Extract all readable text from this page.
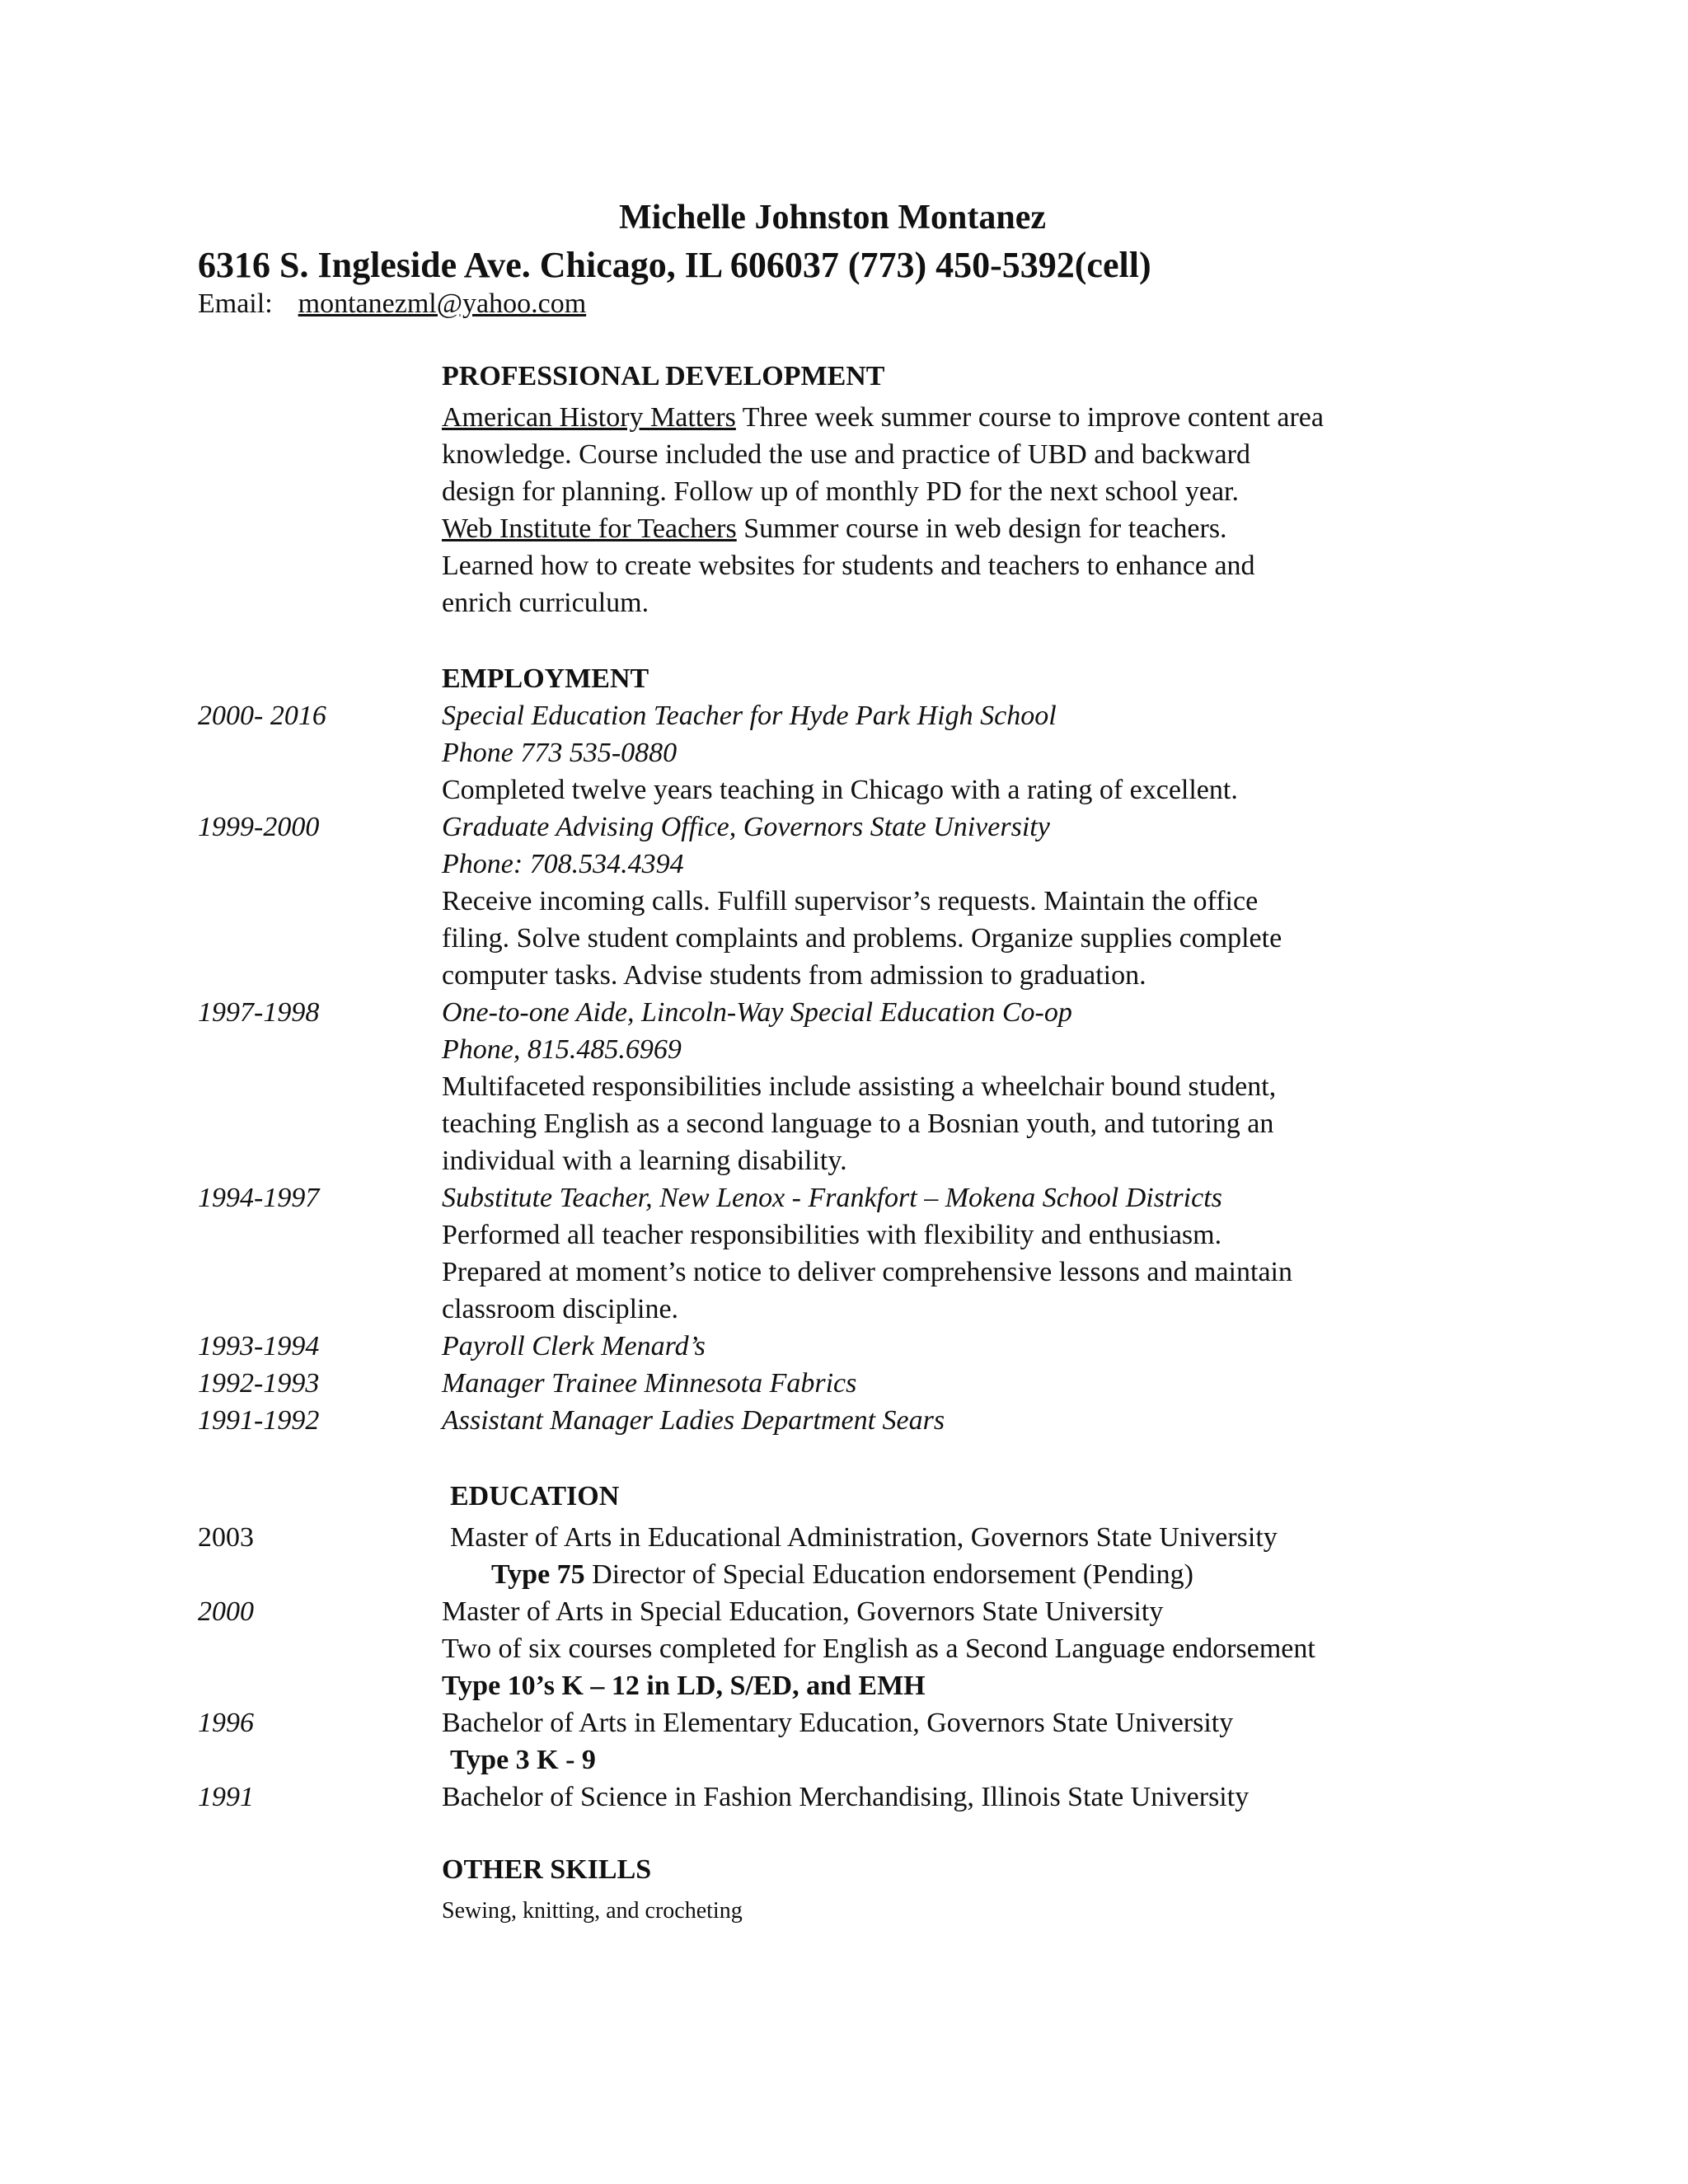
Michelle Johnston Montanez
6316 S. Ingleside Ave. Chicago, IL 606037 (773) 450-5392(cell)
Email: montanezml@yahoo.com
PROFESSIONAL DEVELOPMENT
American History Matters Three week summer course to improve content area
knowledge. Course included the use and practice of UBD and backward
design for planning. Follow up of monthly PD for the next school year.
Web Institute for Teachers Summer course in web design for teachers.
Learned how to create websites for students and teachers to enhance and
enrich curriculum.
EMPLOYMENT
2000- 2016	Special Education Teacher for Hyde Park High School
Phone 773 535-0880
Completed twelve years teaching in Chicago with a rating of excellent.
1999-2000	Graduate Advising Office, Governors State University
Phone: 708.534.4394
Receive incoming calls. Fulfill supervisor’s requests. Maintain the office
filing. Solve student complaints and problems. Organize supplies complete
computer tasks. Advise students from admission to graduation.
1997-1998	One-to-one Aide, Lincoln-Way Special Education Co-op
Phone, 815.485.6969
Multifaceted responsibilities include assisting a wheelchair bound student,
teaching English as a second language to a Bosnian youth, and tutoring an
individual with a learning disability.
1994-1997	Substitute Teacher, New Lenox - Frankfort – Mokena School Districts
Performed all teacher responsibilities with flexibility and enthusiasm.
Prepared at moment’s notice to deliver comprehensive lessons and maintain
classroom discipline.
1993-1994	Payroll Clerk Menard’s
1992-1993	Manager Trainee Minnesota Fabrics
1991-1992	Assistant Manager Ladies Department Sears
EDUCATION
2003	Master of Arts in Educational Administration, Governors State University
Type 75 Director of Special Education endorsement (Pending)
2000	Master of Arts in Special Education, Governors State University
Two of six courses completed for English as a Second Language endorsement
Type 10’s K – 12 in LD, S/ED, and EMH
1996	Bachelor of Arts in Elementary Education, Governors State University
Type 3 K - 9
1991	Bachelor of Science in Fashion Merchandising, Illinois State University
OTHER SKILLS
Sewing, knitting, and crocheting
